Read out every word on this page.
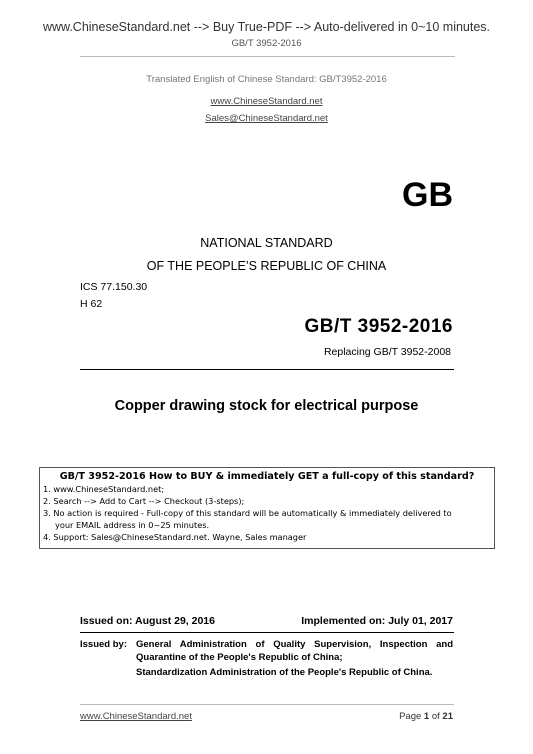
www.ChineseStandard.net --> Buy True-PDF --> Auto-delivered in 0~10 minutes.
GB/T 3952-2016
Translated English of Chinese Standard: GB/T3952-2016
www.ChineseStandard.net
Sales@ChineseStandard.net
GB
NATIONAL STANDARD
OF THE PEOPLE’S REPUBLIC OF CHINA
ICS 77.150.30
H 62
GB/T 3952-2016
Replacing GB/T 3952-2008
Copper drawing stock for electrical purpose
GB/T 3952-2016 How to BUY & immediately GET a full-copy of this standard?
1. www.ChineseStandard.net;
2. Search --> Add to Cart --> Checkout (3-steps);
3. No action is required - Full-copy of this standard will be automatically & immediately delivered to
your EMAIL address in 0~25 minutes.
4. Support: Sales@ChineseStandard.net. Wayne, Sales manager
Issued on: August 29, 2016	Implemented on: July 01, 2017
Issued by: General Administration of Quality Supervision, Inspection and
Quarantine of the People's Republic of China;
Standardization Administration of the People's Republic of China.
www.ChineseStandard.net	Page 1 of 21
